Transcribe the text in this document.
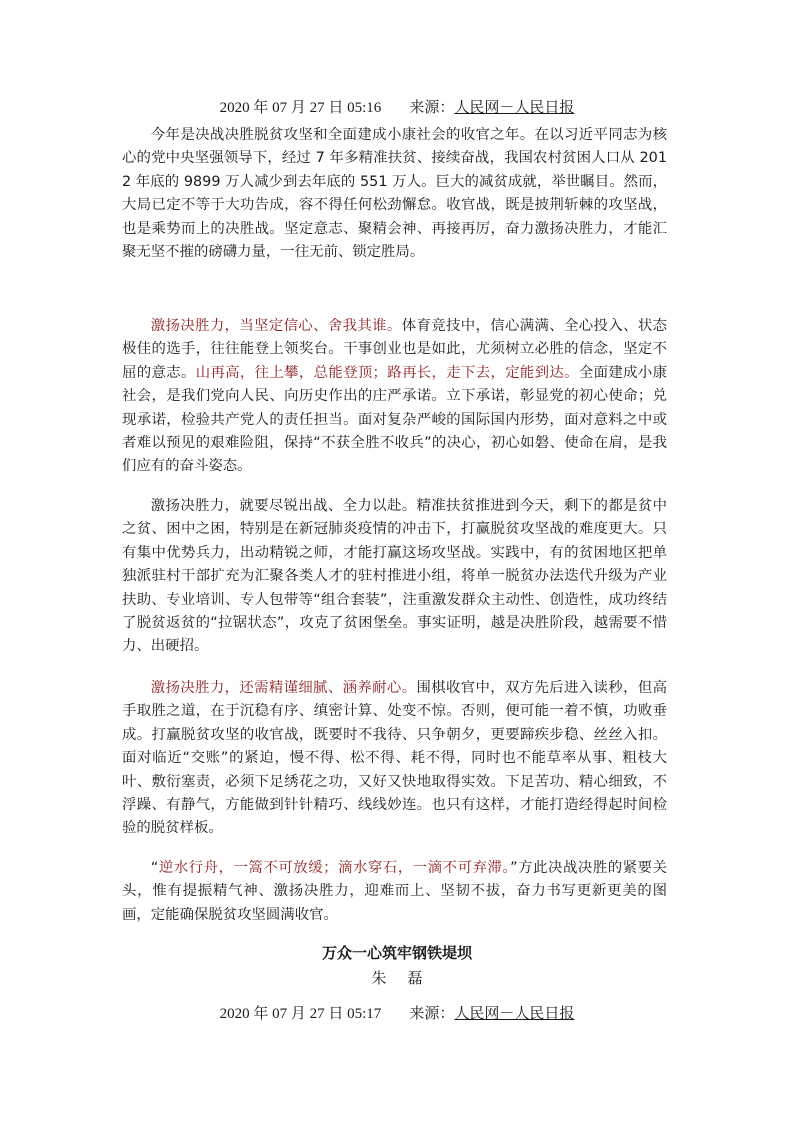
2020 年 07 月 27 日 05:16 来源：人民网－人民日报

今年是决战决胜脱贫攻坚和全面建成小康社会的收官之年。在以习近平同志为核心的党中央坚强领导下，经过 7 年多精准扶贫、接续奋战，我国农村贫困人口从 2012 年底的 9899 万人减少到去年底的 551 万人。巨大的减贫成就，举世瞩目。然而，大局已定不等于大功告成，容不得任何松劲懈怠。收官战，既是披荆斩棘的攻坚战，也是乘势而上的决胜战。坚定意志、聚精会神、再接再厉，奋力激扬决胜力，才能汇聚无坚不摧的磅礴力量，一往无前、锁定胜局。

激扬决胜力，当坚定信心、舍我其谁。体育竞技中，信心满满、全心投入、状态极佳的选手，往往能登上领奖台。干事创业也是如此，尤须树立必胜的信念，坚定不屈的意志。山再高，往上攀，总能登顶；路再长，走下去，定能到达。全面建成小康社会，是我们党向人民、向历史作出的庄严承诺。立下承诺，彰显党的初心使命；兑现承诺，检验共产党人的责任担当。面对复杂严峻的国际国内形势，面对意料之中或者难以预见的艰难险阻，保持“不获全胜不收兵”的决心，初心如磐、使命在肩，是我们应有的奋斗姿态。

激扬决胜力，就要尽锐出战、全力以赴。精准扶贫推进到今天，剩下的都是贫中之贫、困中之困，特别是在新冠肺炎疫情的冲击下，打赢脱贫攻坚战的难度更大。只有集中优势兵力，出动精锐之师，才能打赢这场攻坚战。实践中，有的贫困地区把单独派驻村干部扩充为汇聚各类人才的驻村推进小组，将单一脱贫办法迭代升级为产业扶助、专业培训、专人包带等“组合套装”，注重激发群众主动性、创造性，成功终结了脱贫返贫的“拉锯状态”，攻克了贫困堡垒。事实证明，越是决胜阶段，越需要不惜力、出硬招。

激扬决胜力，还需精谨细腻、涵养耐心。围棋收官中，双方先后进入读秒，但高手取胜之道，在于沉稳有序、缜密计算、处变不惊。否则，便可能一着不慎，功败垂成。打赢脱贫攻坚的收官战，既要时不我待、只争朝夕，更要蹄疾步稳、丝丝入扣。面对临近“交账”的紧迫，慢不得、松不得、耗不得，同时也不能草率从事、粗枝大叶、敷衍塞责，必须下足绣花之功，又好又快地取得实效。下足苦功、精心细致，不浮躁、有静气，方能做到针针精巧、线线妙连。也只有这样，才能打造经得起时间检验的脱贫样板。

“逆水行舟，一篙不可放缓；滴水穿石，一滴不可弃滞。”方此决战决胜的紧要关头，惟有提振精气神、激扬决胜力，迎难而上、坚韧不拔，奋力书写更新更美的图画，定能确保脱贫攻坚圆满收官。

万众一心筑牢钢铁堤坝
朱磊
2020 年 07 月 27 日 05:17 来源：人民网－人民日报
